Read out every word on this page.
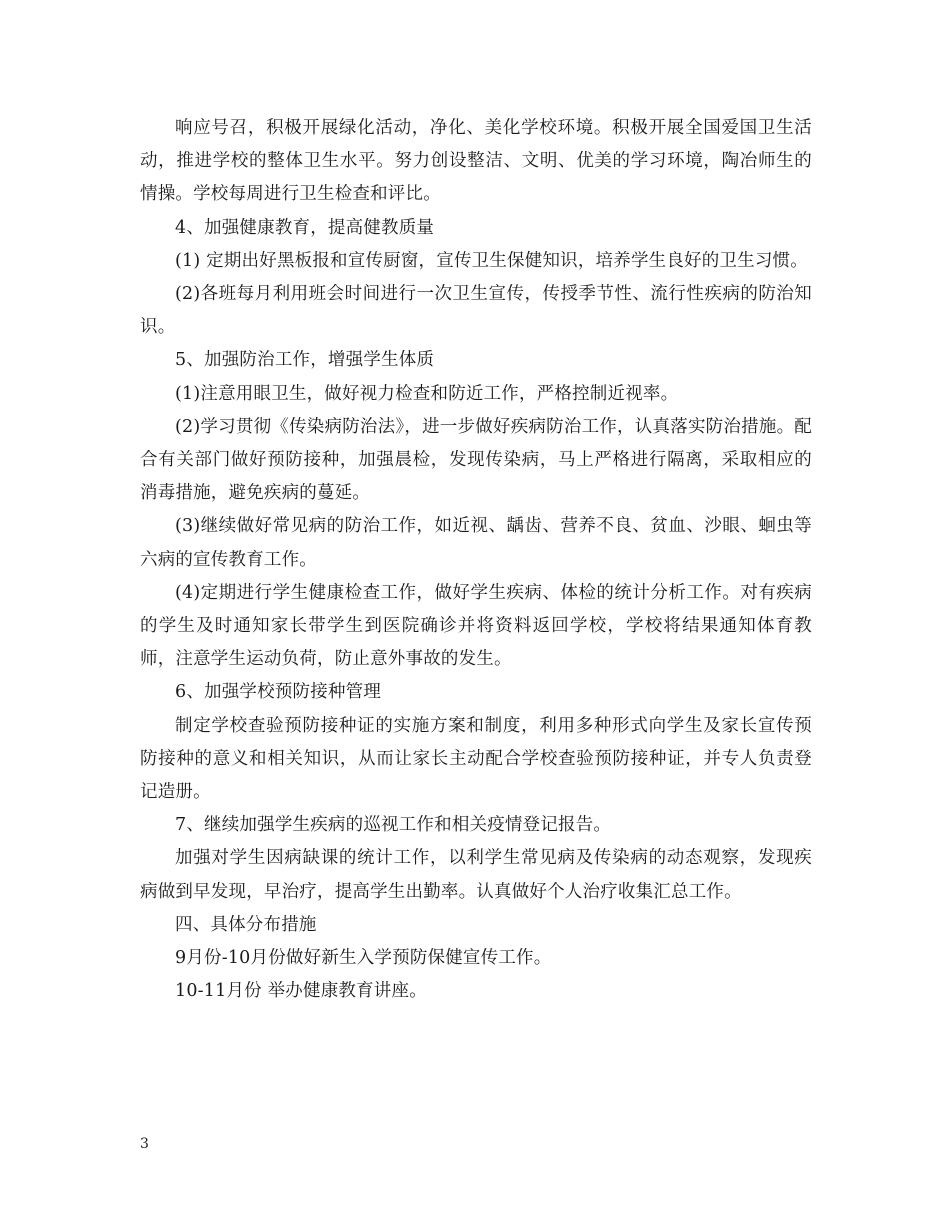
响应号召，积极开展绿化活动，净化、美化学校环境。积极开展全国爱国卫生活动，推进学校的整体卫生水平。努力创设整洁、文明、优美的学习环境，陶冶师生的情操。学校每周进行卫生检查和评比。

4、加强健康教育，提高健教质量

(1) 定期出好黑板报和宣传厨窗，宣传卫生保健知识，培养学生良好的卫生习惯。

(2)各班每月利用班会时间进行一次卫生宣传，传授季节性、流行性疾病的防治知识。

5、加强防治工作，增强学生体质

(1)注意用眼卫生，做好视力检查和防近工作，严格控制近视率。

(2)学习贯彻《传染病防治法》，进一步做好疾病防治工作，认真落实防治措施。配合有关部门做好预防接种，加强晨检，发现传染病，马上严格进行隔离，采取相应的消毒措施，避免疾病的蔓延。

(3)继续做好常见病的防治工作，如近视、龋齿、营养不良、贫血、沙眼、蛔虫等六病的宣传教育工作。

(4)定期进行学生健康检查工作，做好学生疾病、体检的统计分析工作。对有疾病的学生及时通知家长带学生到医院确诊并将资料返回学校，学校将结果通知体育教师，注意学生运动负荷，防止意外事故的发生。

6、加强学校预防接种管理

制定学校查验预防接种证的实施方案和制度，利用多种形式向学生及家长宣传预防接种的意义和相关知识，从而让家长主动配合学校查验预防接种证，并专人负责登记造册。

7、继续加强学生疾病的巡视工作和相关疫情登记报告。

加强对学生因病缺课的统计工作，以利学生常见病及传染病的动态观察，发现疾病做到早发现，早治疗，提高学生出勤率。认真做好个人治疗收集汇总工作。

四、具体分布措施

9月份-10月份做好新生入学预防保健宣传工作。

10-11月份 举办健康教育讲座。

3
